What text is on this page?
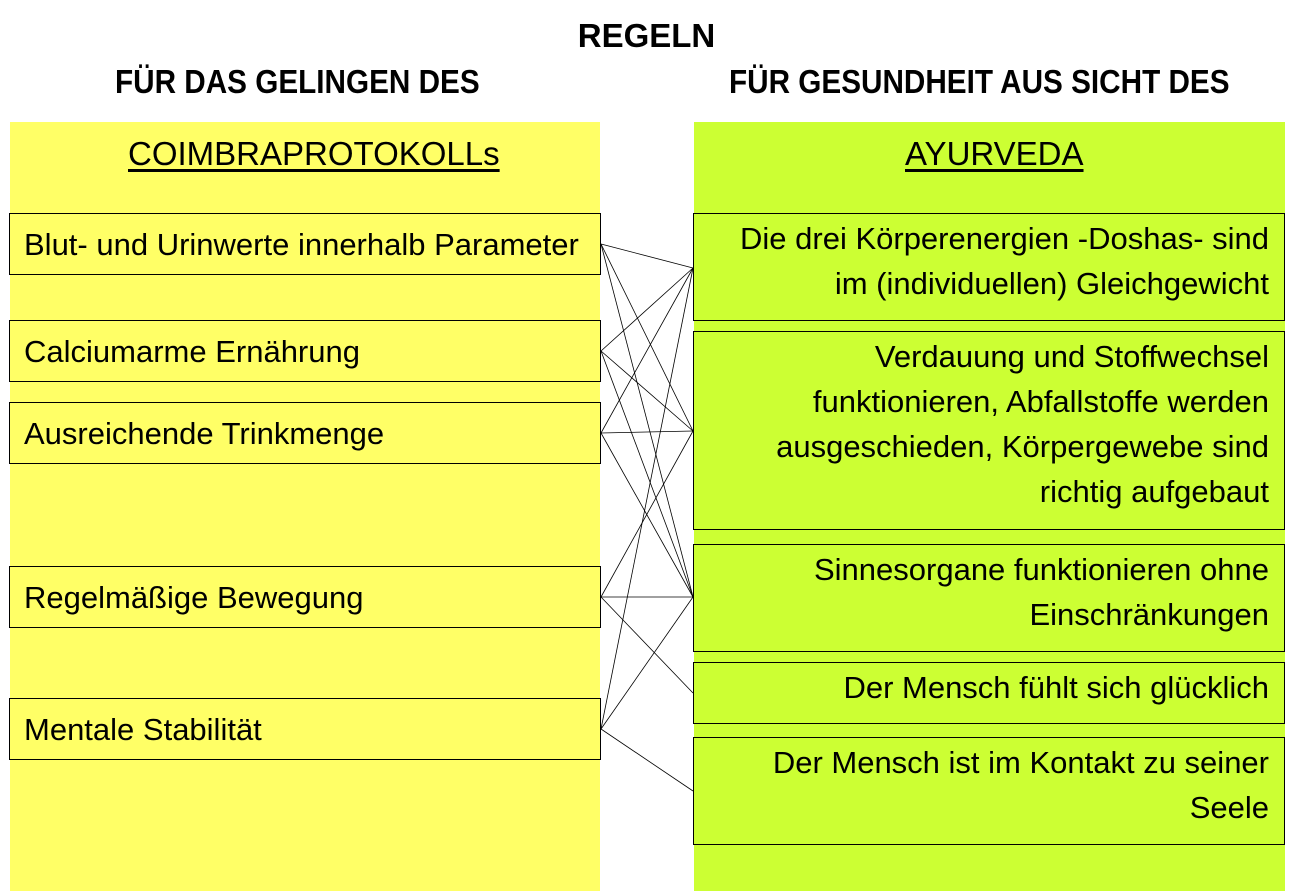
REGELN
FÜR DAS GELINGEN DES	FÜR GESUNDHEIT AUS SICHT DES
COIMBRAPROTOKOLLs	AYURVEDA
Blut- und Urinwerte innerhalb Parameter
Calciumarme Ernährung
Ausreichende Trinkmenge
Regelmäßige Bewegung
Mentale Stabilität
Die drei Körperenergien -Doshas- sind im (individuellen) Gleichgewicht
Verdauung und Stoffwechsel funktionieren, Abfallstoffe werden ausgeschieden, Körpergewebe sind richtig aufgebaut
Sinnesorgane funktionieren ohne Einschränkungen
Der Mensch fühlt sich glücklich
Der Mensch ist im Kontakt zu seiner Seele
